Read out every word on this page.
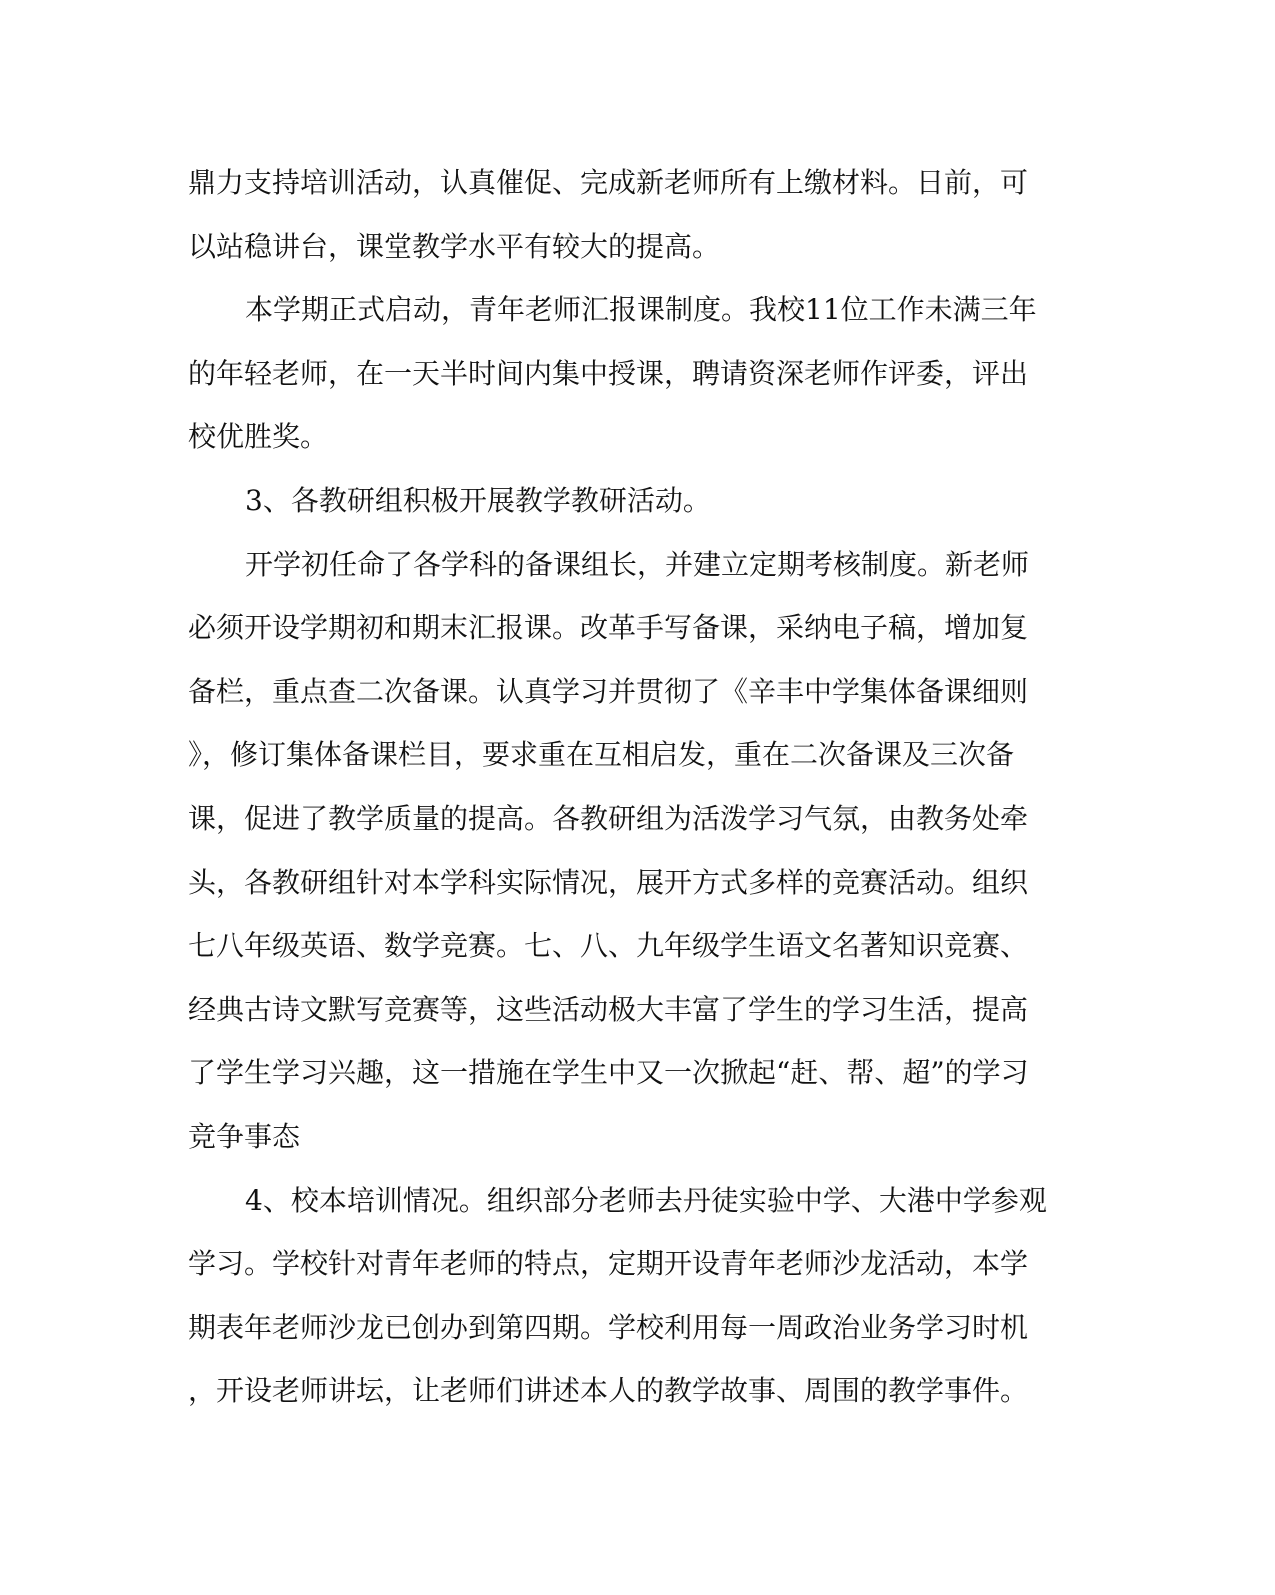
鼎力支持培训活动，认真催促、完成新老师所有上缴材料。日前，可
以站稳讲台，课堂教学水平有较大的提高。
本学期正式启动，青年老师汇报课制度。我校11位工作未满三年
的年轻老师，在一天半时间内集中授课，聘请资深老师作评委，评出
校优胜奖。
3、各教研组积极开展教学教研活动。
开学初任命了各学科的备课组长，并建立定期考核制度。新老师
必须开设学期初和期末汇报课。改革手写备课，采纳电子稿，增加复
备栏，重点查二次备课。认真学习并贯彻了《辛丰中学集体备课细则
》，修订集体备课栏目，要求重在互相启发，重在二次备课及三次备
课，促进了教学质量的提高。各教研组为活泼学习气氛，由教务处牵
头，各教研组针对本学科实际情况，展开方式多样的竞赛活动。组织
七八年级英语、数学竞赛。七、八、九年级学生语文名著知识竞赛、
经典古诗文默写竞赛等，这些活动极大丰富了学生的学习生活，提高
了学生学习兴趣，这一措施在学生中又一次掀起“赶、帮、超”的学习
竞争事态
4、校本培训情况。组织部分老师去丹徒实验中学、大港中学参观
学习。学校针对青年老师的特点，定期开设青年老师沙龙活动，本学
期表年老师沙龙已创办到第四期。学校利用每一周政治业务学习时机
，开设老师讲坛，让老师们讲述本人的教学故事、周围的教学事件。
